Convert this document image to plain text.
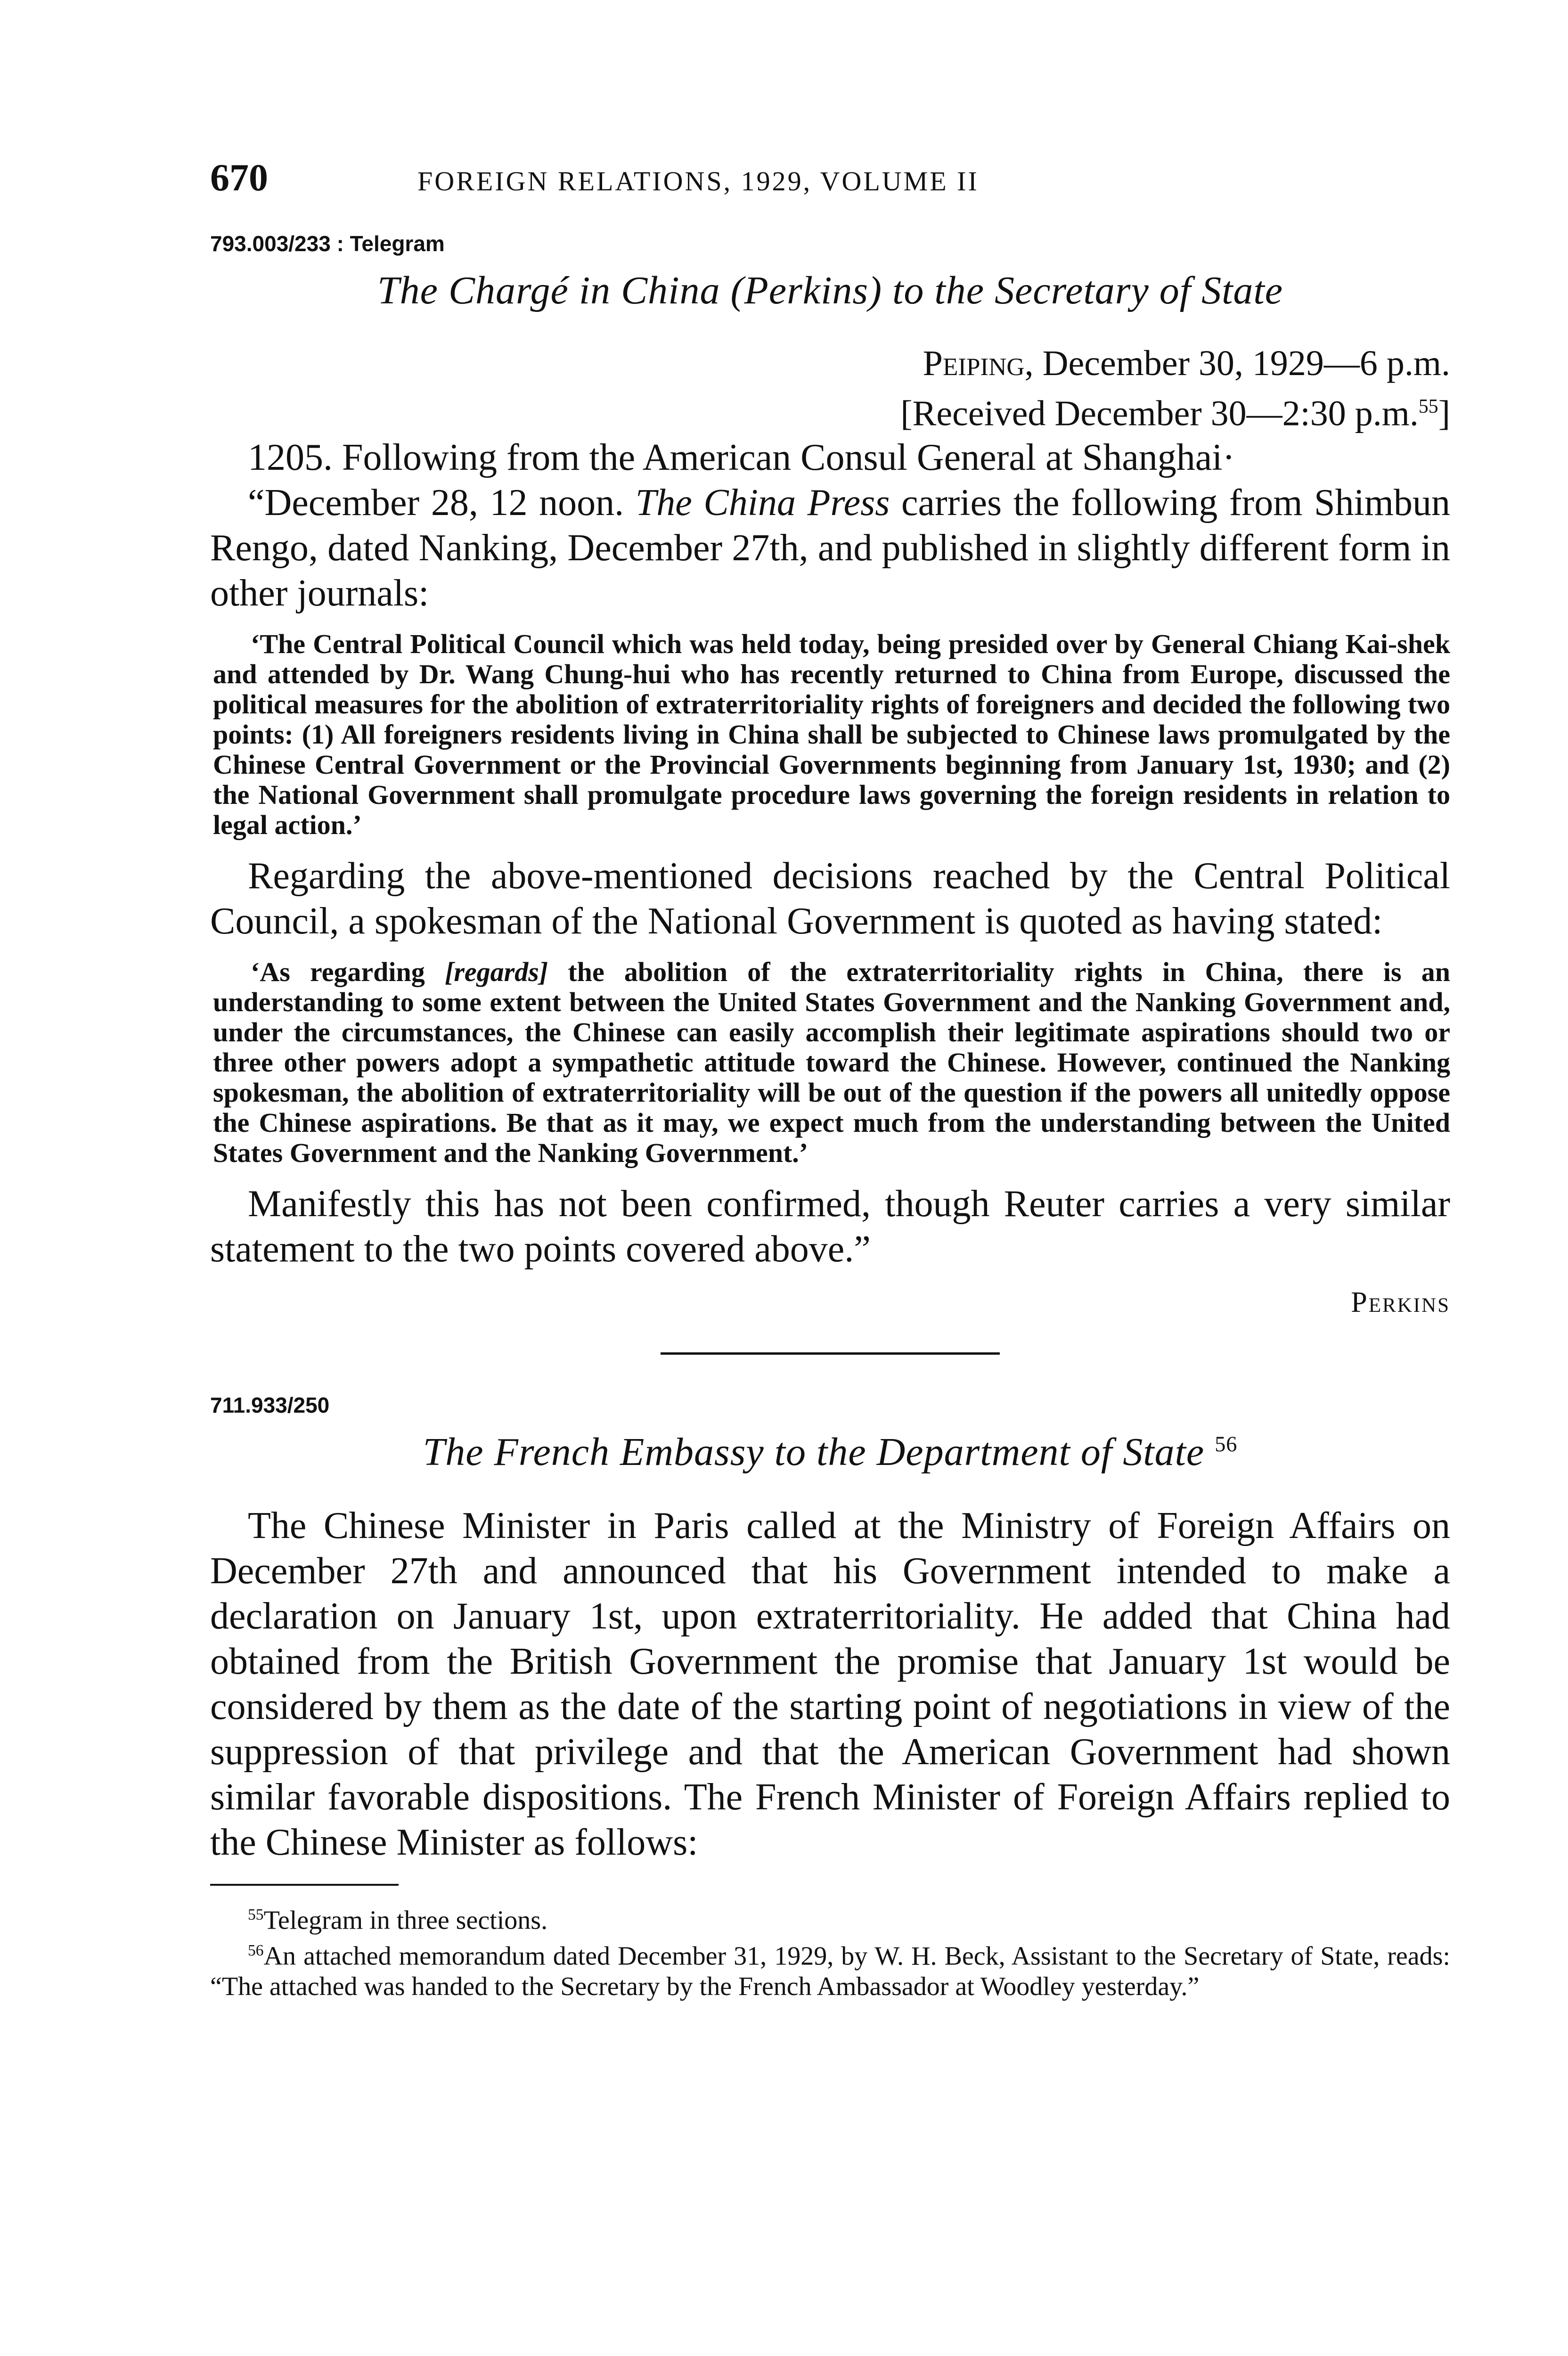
670	FOREIGN RELATIONS, 1929, VOLUME II
793.003/233 : Telegram
The Chargé in China (Perkins) to the Secretary of State
Peiping, December 30, 1929—6 p.m.
[Received December 30—2:30 p.m.$^{55}$]

1205. Following from the American Consul General at Shanghai·

“December 28, 12 noon. The China Press carries the following from Shimbun Rengo, dated Nanking, December 27th, and published in slightly different form in other journals:

‘The Central Political Council which was held today, being presided over by General Chiang Kai-shek and attended by Dr. Wang Chung-hui who has recently returned to China from Europe, discussed the political measures for the abolition of extraterritoriality rights of foreigners and decided the following two points: (1) All foreigners residents living in China shall be subjected to Chinese laws promulgated by the Chinese Central Government or the Provincial Governments beginning from January 1st, 1930; and (2) the National Government shall promulgate procedure laws governing the foreign residents in relation to legal action.’

Regarding the above-mentioned decisions reached by the Central Political Council, a spokesman of the National Government is quoted as having stated:

‘As regarding [regards] the abolition of the extraterritoriality rights in China, there is an understanding to some extent between the United States Government and the Nanking Government and, under the circumstances, the Chinese can easily accomplish their legitimate aspirations should two or three other powers adopt a sympathetic attitude toward the Chinese. However, continued the Nanking spokesman, the abolition of extraterritoriality will be out of the question if the powers all unitedly oppose the Chinese aspirations. Be that as it may, we expect much from the understanding between the United States Government and the Nanking Government.’

Manifestly this has not been confirmed, though Reuter carries a very similar statement to the two points covered above.”

Perkins
711.933/250
The French Embassy to the Department of State $^{56}$

The Chinese Minister in Paris called at the Ministry of Foreign Affairs on December 27th and announced that his Government intended to make a declaration on January 1st, upon extraterritoriality. He added that China had obtained from the British Government the promise that January 1st would be considered by them as the date of the starting point of negotiations in view of the suppression of that privilege and that the American Government had shown similar favorable dispositions. The French Minister of Foreign Affairs replied to the Chinese Minister as follows:

$^{55}$Telegram in three sections.

$^{56}$An attached memorandum dated December 31, 1929, by W. H. Beck, Assistant to the Secretary of State, reads: “The attached was handed to the Secretary by the French Ambassador at Woodley yesterday.”
